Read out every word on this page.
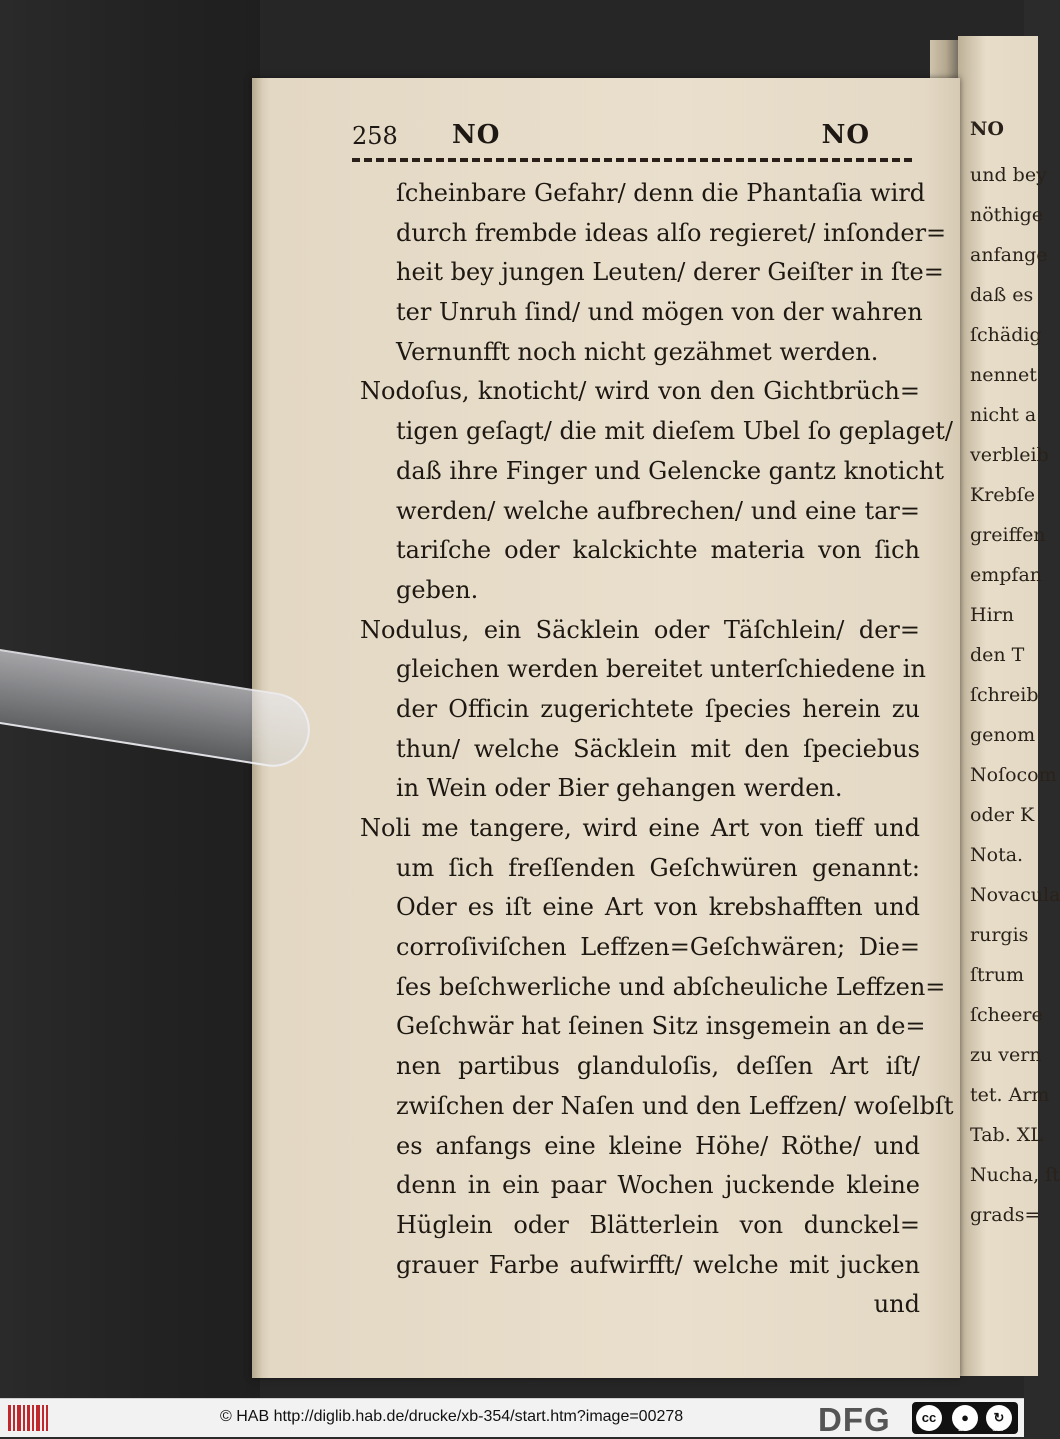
NO
und bey
nöthige
anfange
daß es
ſchädig
nennet
nicht a
verbleib
Krebſe
greiffen
empfan
Hirn
den T
ſchreib
genom
Noſocom
oder K
Nota.
Novacula
rurgis
ſtrum
ſcheere
zu vern
tet. Arm
Tab. XL
Nucha, ſt
grads=
258 NO	NO
ſcheinbare Gefahr/ denn die Phantaſia wird
durch frembde ideas alſo regieret/ inſonder=
heit bey jungen Leuten/ derer Geiſter in ſte=
ter Unruh ſind/ und mögen von der wahren
Vernunfft noch nicht gezähmet werden.
Nodoſus, knoticht/ wird von den Gichtbrüch=
tigen geſagt/ die mit dieſem Ubel ſo geplaget/
daß ihre Finger und Gelencke gantz knoticht
werden/ welche aufbrechen/ und eine tar=
tariſche oder kalckichte materia von ſich
geben.
Nodulus, ein Säcklein oder Täſchlein/ der=
gleichen werden bereitet unterſchiedene in
der Officin zugerichtete ſpecies herein zu
thun/ welche Säcklein mit den ſpeciebus
in Wein oder Bier gehangen werden.
Noli me tangere, wird eine Art von tieff und
um ſich freſſenden Geſchwüren genannt:
Oder es iſt eine Art von krebshafften und
corroſiviſchen Leffzen=Geſchwären; Die=
ſes beſchwerliche und abſcheuliche Leffzen=
Geſchwär hat ſeinen Sitz insgemein an de=
nen partibus glanduloſis, deſſen Art iſt/
zwiſchen der Naſen und den Leffzen/ woſelbſt
es anfangs eine kleine Höhe/ Röthe/ und
denn in ein paar Wochen juckende kleine
Hüglein oder Blätterlein von dunckel=
grauer Farbe aufwirfft/ welche mit jucken
und
© HAB http://diglib.hab.de/drucke/xb-354/start.htm?image=00278	DFG	cc	●	↻
BY	SA
